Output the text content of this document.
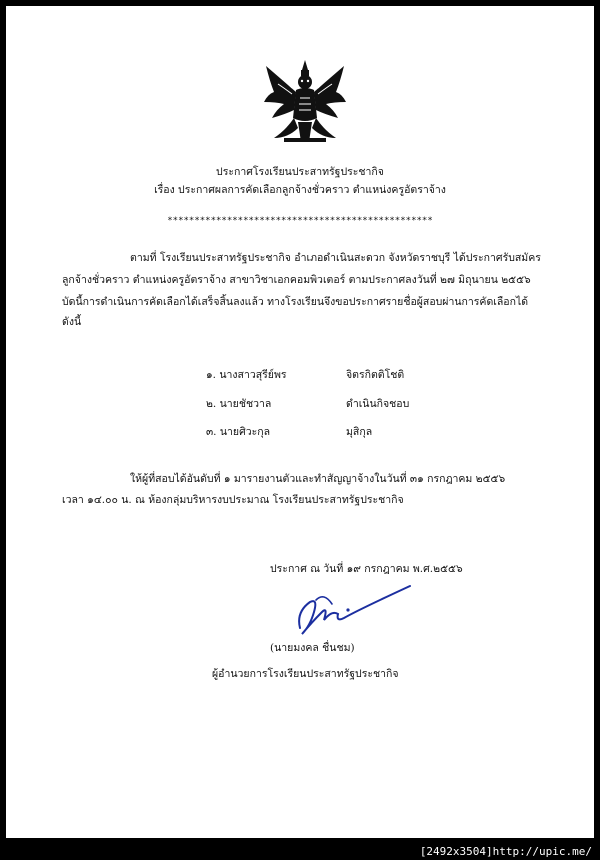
ประกาศโรงเรียนประสาทรัฐประชากิจ
เรื่อง ประกาศผลการคัดเลือกลูกจ้างชั่วคราว ตำแหน่งครูอัตราจ้าง
*************************************************
ตามที่ โรงเรียนประสาทรัฐประชากิจ อำเภอดำเนินสะดวก จังหวัดราชบุรี ได้ประกาศรับสมัคร
ลูกจ้างชั่วคราว ตำแหน่งครูอัตราจ้าง สาขาวิชาเอกคอมพิวเตอร์ ตามประกาศลงวันที่ ๒๗ มิถุนายน ๒๕๕๖
บัดนี้การดำเนินการคัดเลือกได้เสร็จสิ้นลงแล้ว ทางโรงเรียนจึงขอประกาศรายชื่อผู้สอบผ่านการคัดเลือกได้
ดังนี้
๑. นางสาวสุรีย์พร	จิตรกิตติโชติ
๒. นายชัชวาล	ดำเนินกิจชอบ
๓. นายศิวะกุล	มุสิกุล
ให้ผู้ที่สอบได้อันดับที่ ๑ มารายงานตัวและทำสัญญาจ้างในวันที่ ๓๑ กรกฎาคม ๒๕๕๖
เวลา ๑๔.๐๐ น. ณ ห้องกลุ่มบริหารงบประมาณ โรงเรียนประสาทรัฐประชากิจ
ประกาศ ณ วันที่ ๑๙ กรกฎาคม พ.ศ.๒๕๕๖
(นายมงคล ชื่นชม)
ผู้อำนวยการโรงเรียนประสาทรัฐประชากิจ
[2492x3504]http://upic.me/
